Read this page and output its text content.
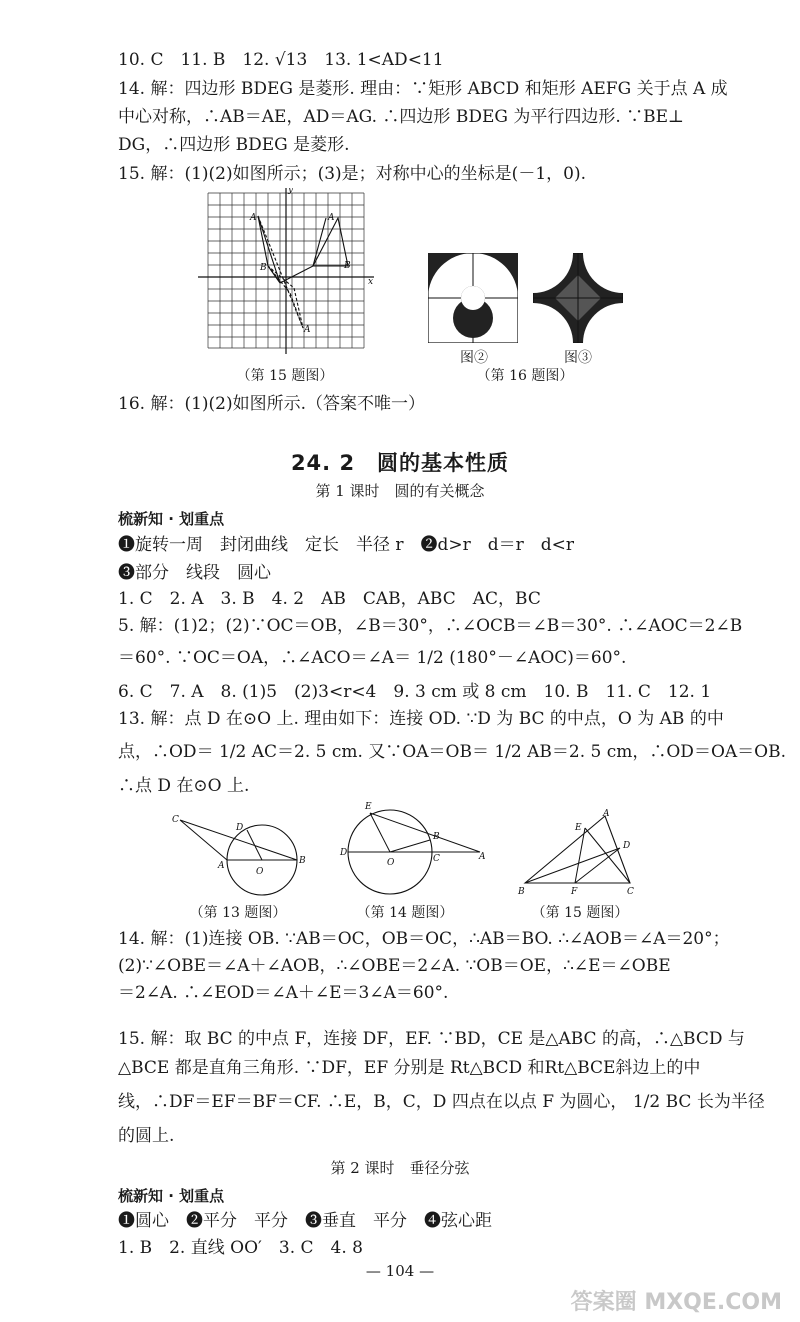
10. C　11. B　12. √13　13. 1<AD<11
14. 解：四边形 BDEG 是菱形. 理由：∵矩形 ABCD 和矩形 AEFG 关于点 A 成
中心对称，∴AB＝AE，AD＝AG. ∴四边形 BDEG 为平行四边形. ∵BE⊥
DG，∴四边形 BDEG 是菱形.
15. 解：(1)(2)如图所示；(3)是；对称中心的坐标是(－1，0).
A
B	B
A
A
y
x
（第 15 题图）
图②	图③
（第 16 题图）
16. 解：(1)(2)如图所示.（答案不唯一）
24. 2　圆的基本性质
第 1 课时　圆的有关概念
梳新知 · 划重点
❶旋转一周　封闭曲线　定长　半径 r　❷d>r　d＝r　d<r
❸部分　线段　圆心
1. C　2. A　3. B　4. 2　AB　CAB，ABC　AC，BC
5. 解：(1)2；(2)∵OC＝OB，∠B＝30°，∴∠OCB＝∠B＝30°. ∴∠AOC＝2∠B
＝60°. ∵OC＝OA，∴∠ACO＝∠A＝ 1/2 (180°－∠AOC)＝60°.
6. C　7. A　8. (1)5　(2)3<r<4　9. 3 cm 或 8 cm　10. B　11. C　12. 1
13. 解：点 D 在⊙O 上. 理由如下：连接 OD. ∵D 为 BC 的中点，O 为 AB 的中
点，∴OD＝ 1/2 AC＝2. 5 cm. 又∵OA＝OB＝ 1/2 AB＝2. 5 cm，∴OD＝OA＝OB.
∴点 D 在⊙O 上.
C
D
A
O
B
E
D
O
B
C	A
B	F	C
A
E
D
（第 13 题图）	（第 14 题图）	（第 15 题图）
14. 解：(1)连接 OB. ∵AB＝OC，OB＝OC，∴AB＝BO. ∴∠AOB＝∠A＝20°；
(2)∵∠OBE＝∠A＋∠AOB，∴∠OBE＝2∠A. ∵OB＝OE，∴∠E＝∠OBE
＝2∠A. ∴∠EOD＝∠A＋∠E＝3∠A＝60°.
15. 解：取 BC 的中点 F，连接 DF，EF. ∵BD，CE 是△ABC 的高，∴△BCD 与
△BCE 都是直角三角形. ∵DF，EF 分别是 Rt△BCD 和Rt△BCE斜边上的中
线，∴DF＝EF＝BF＝CF. ∴E，B，C，D 四点在以点 F 为圆心， 1/2 BC 长为半径
的圆上.
第 2 课时　垂径分弦
梳新知 · 划重点
❶圆心　❷平分　平分　❸垂直　平分　❹弦心距
1. B　2. 直线 OO′　3. C　4. 8
— 104 —
答案圈 MXQE.COM
